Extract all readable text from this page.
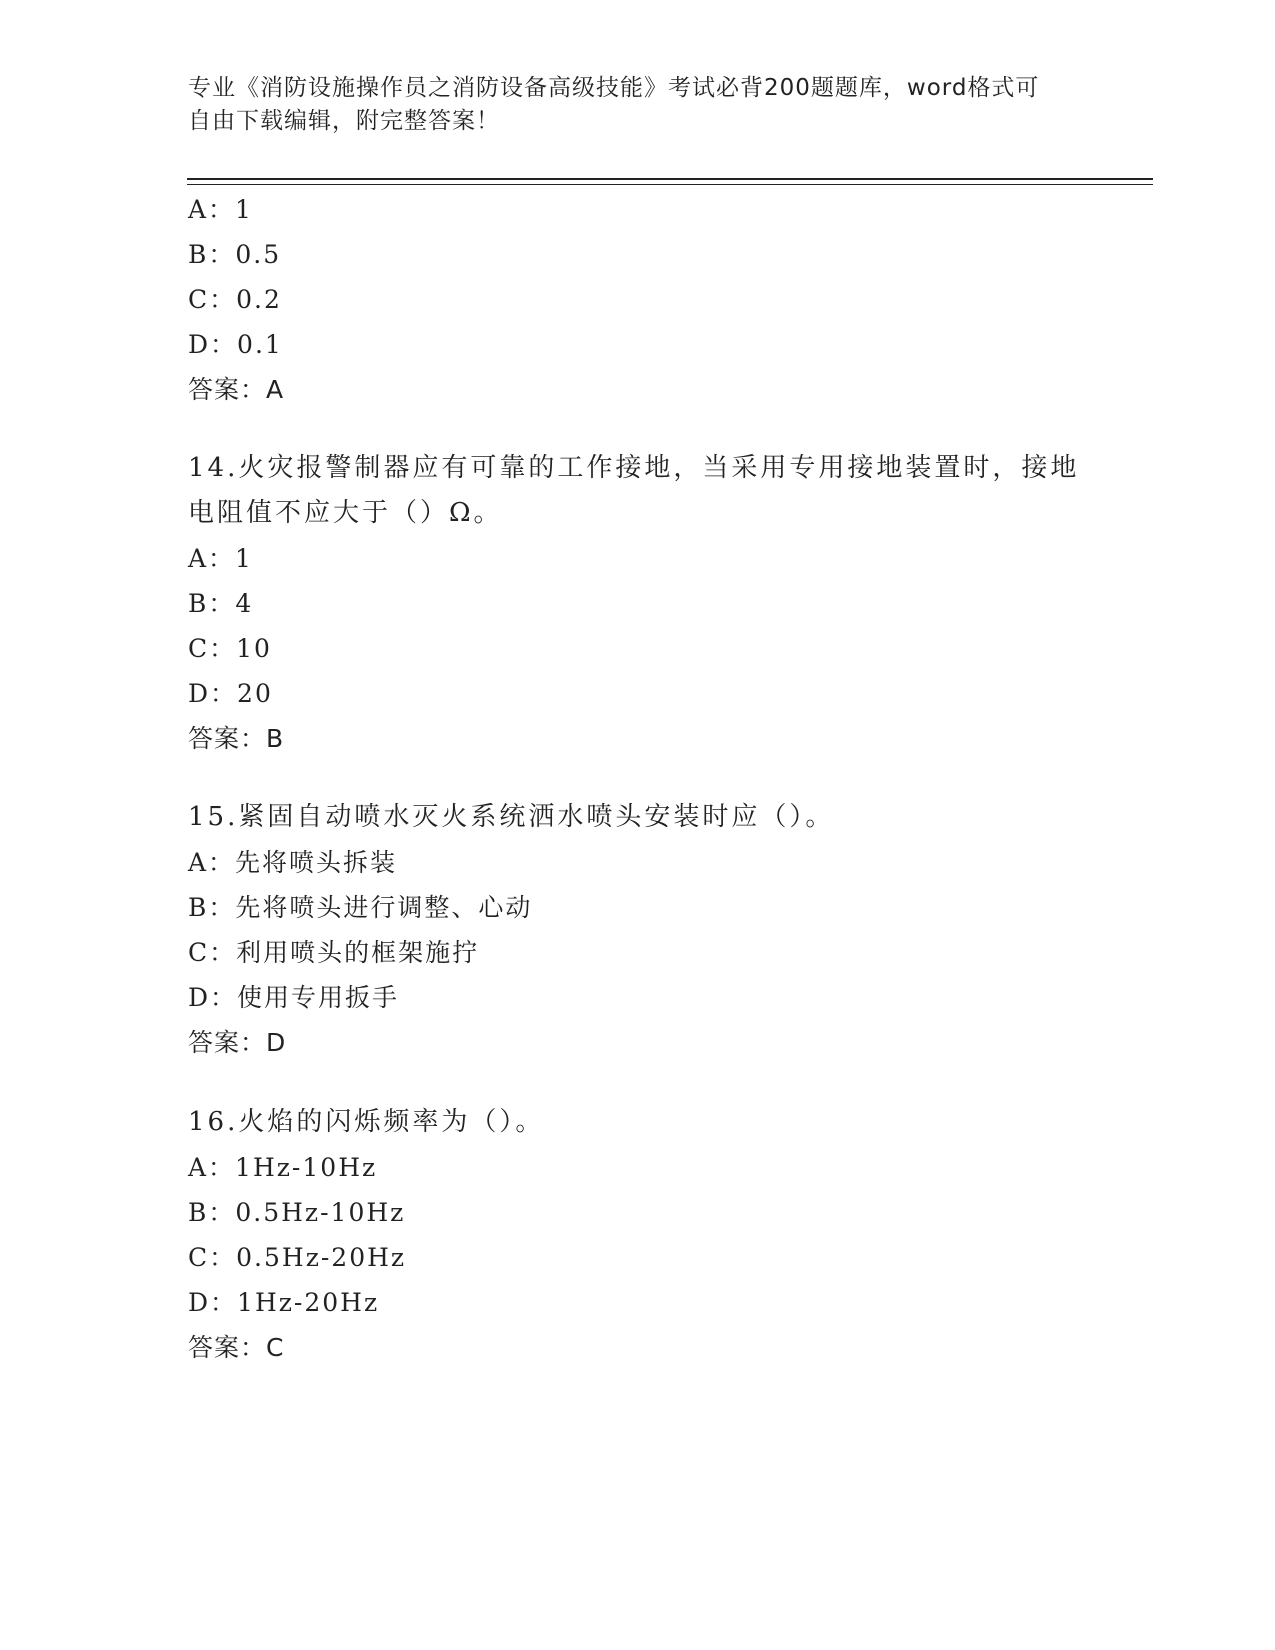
专业《消防设施操作员之消防设备高级技能》考试必背200题题库，word格式可
自由下载编辑，附完整答案！
A：1
B：0.5
C：0.2
D：0.1
答案：A
14.火灾报警制器应有可靠的工作接地，当采用专用接地装置时，接地
电阻值不应大于（）Ω。
A：1
B：4
C：10
D：20
答案：B
15.紧固自动喷水灭火系统洒水喷头安装时应（）。
A：先将喷头拆装
B：先将喷头进行调整、心动
C：利用喷头的框架施拧
D：使用专用扳手
答案：D
16.火焰的闪烁频率为（）。
A：1Hz-10Hz
B：0.5Hz-10Hz
C：0.5Hz-20Hz
D：1Hz-20Hz
答案：C
